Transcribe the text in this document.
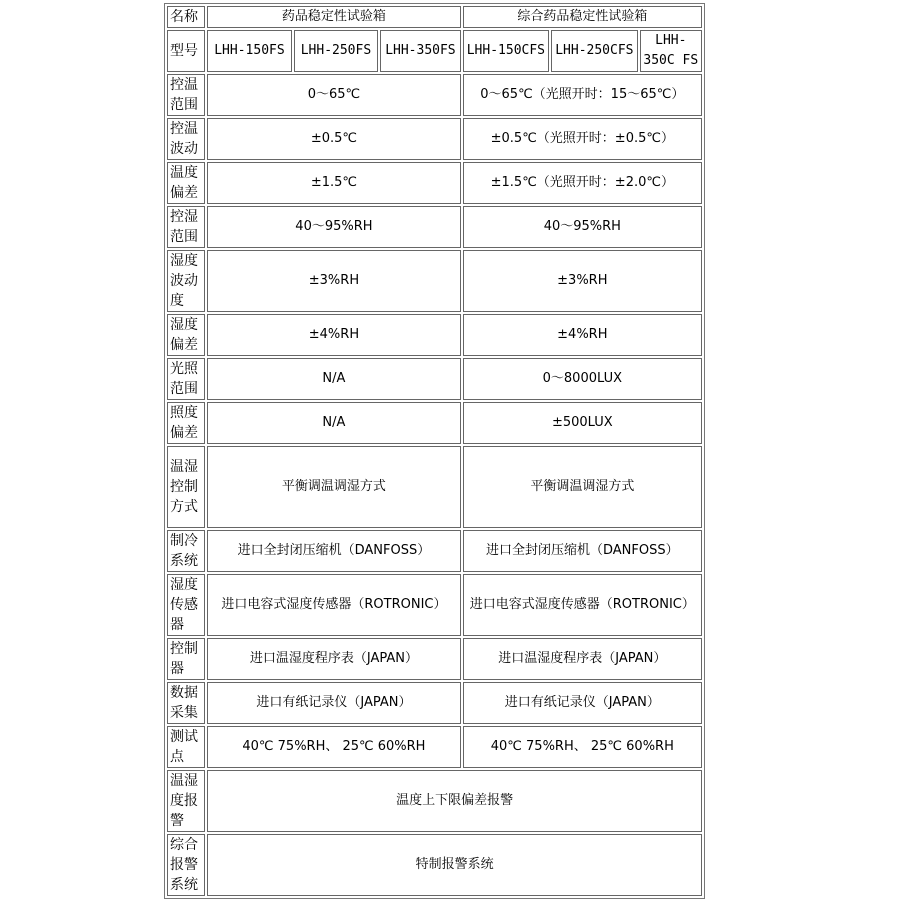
名称	药品稳定性试验箱			综合药品稳定性试验箱		
型号	LHH-150FS	LHH-250FS	LHH-350FS	LHH-150CFS	LHH-250CFS	LHH-350C FS
控温范围	0～65℃			0～65℃（光照开时：15～65℃）		
控温波动	±0.5℃			±0.5℃（光照开时：±0.5℃）		
温度偏差	±1.5℃			±1.5℃（光照开时：±2.0℃）		
控湿范围	40～95%RH			40～95%RH		
湿度波动度	±3%RH			±3%RH		
湿度偏差	±4%RH			±4%RH		
光照范围	N/A			0～8000LUX		
照度偏差	N/A			±500LUX		
温湿控制方式	平衡调温调湿方式			平衡调温调湿方式		
制冷系统	进口全封闭压缩机（DANFOSS）			进口全封闭压缩机（DANFOSS）		
湿度传感器	进口电容式湿度传感器（ROTRONIC）			进口电容式湿度传感器（ROTRONIC）		
控制器	进口温湿度程序表（JAPAN）			进口温湿度程序表（JAPAN）		
数据采集	进口有纸记录仪（JAPAN）			进口有纸记录仪（JAPAN）		
测试点	40℃ 75%RH、 25℃ 60%RH			40℃ 75%RH、 25℃ 60%RH		
温湿度报警	温度上下限偏差报警					
综合报警系统	特制报警系统					
